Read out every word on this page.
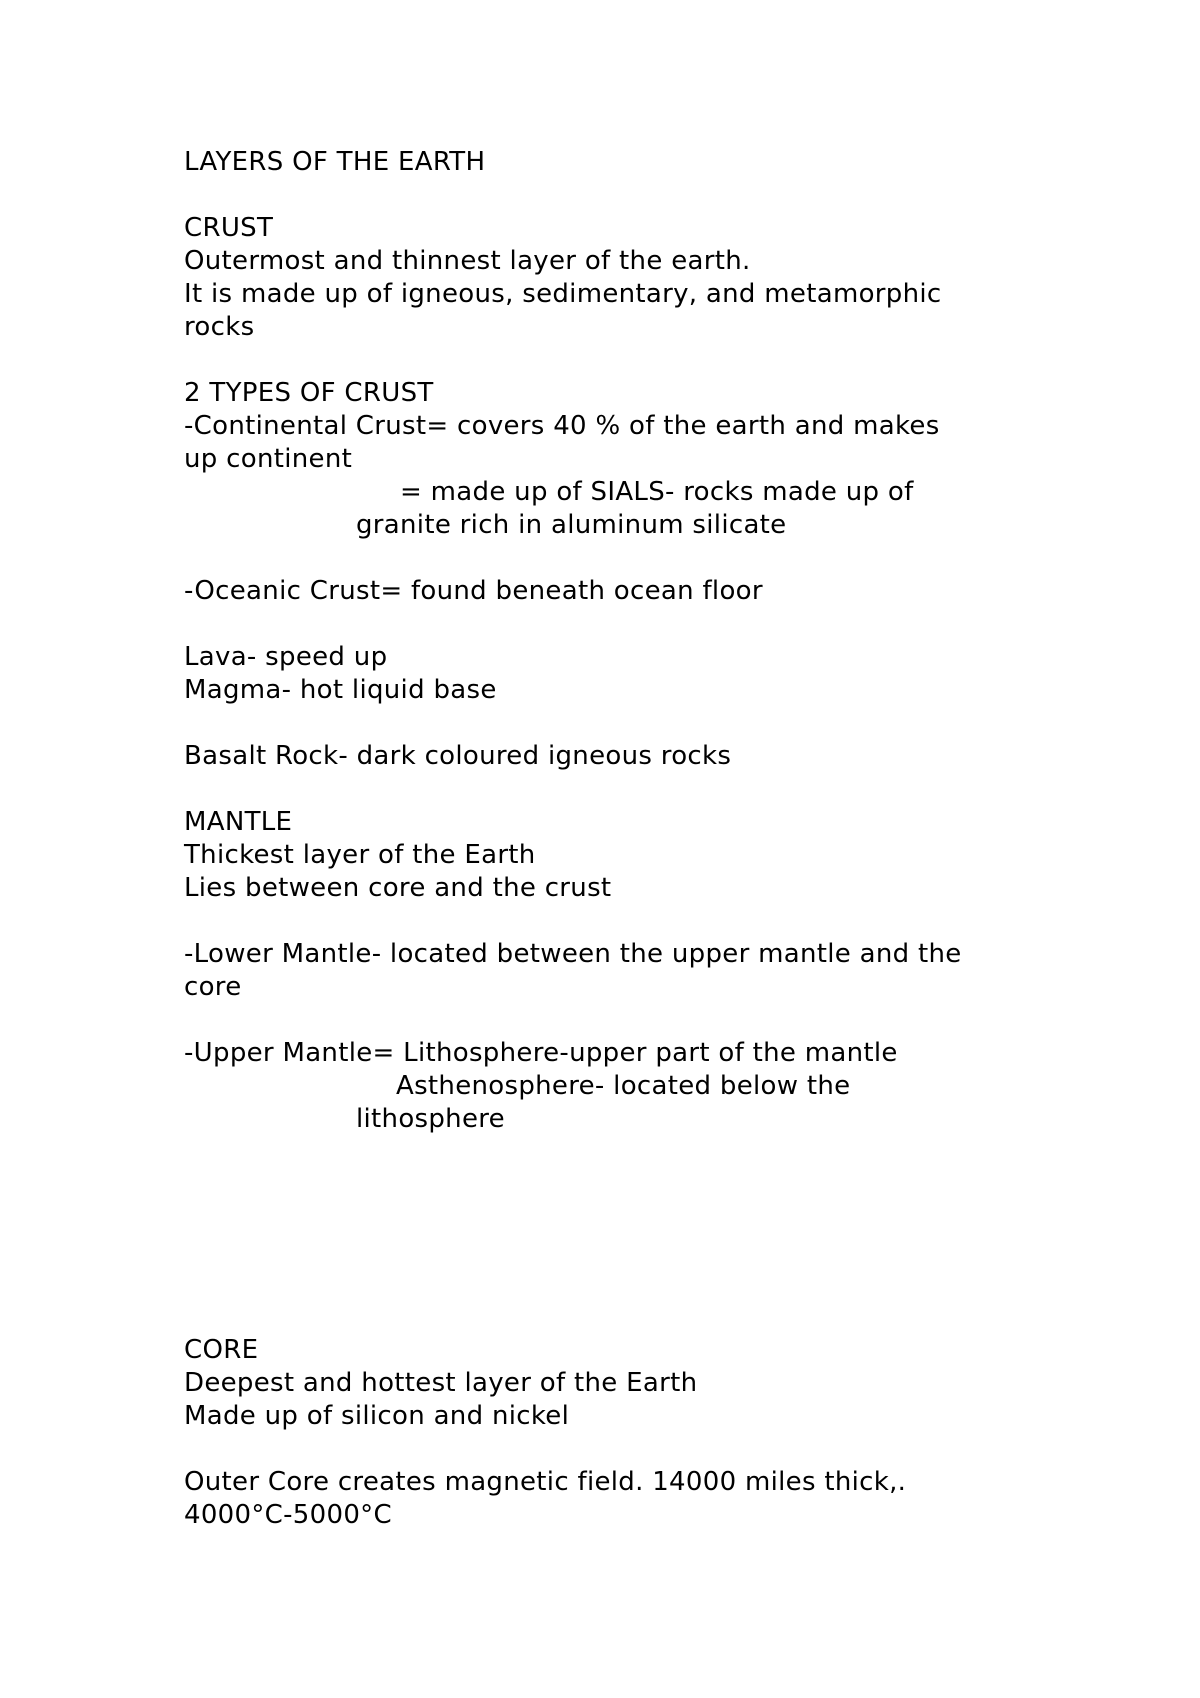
LAYERS OF THE EARTH
CRUST
Outermost and thinnest layer of the earth.
It is made up of igneous, sedimentary, and metamorphic
rocks
2 TYPES OF CRUST
-Continental Crust= covers 40 % of the earth and makes
up continent
= made up of SIALS- rocks made up of
granite rich in aluminum silicate
-Oceanic Crust= found beneath ocean floor
Lava- speed up
Magma- hot liquid base
Basalt Rock- dark coloured igneous rocks
MANTLE
Thickest layer of the Earth
Lies between core and the crust
-Lower Mantle- located between the upper mantle and the
core
-Upper Mantle= Lithosphere-upper part of the mantle
Asthenosphere- located below the
lithosphere
CORE
Deepest and hottest layer of the Earth
Made up of silicon and nickel
Outer Core creates magnetic field. 14000 miles thick,.
4000°C-5000°C
